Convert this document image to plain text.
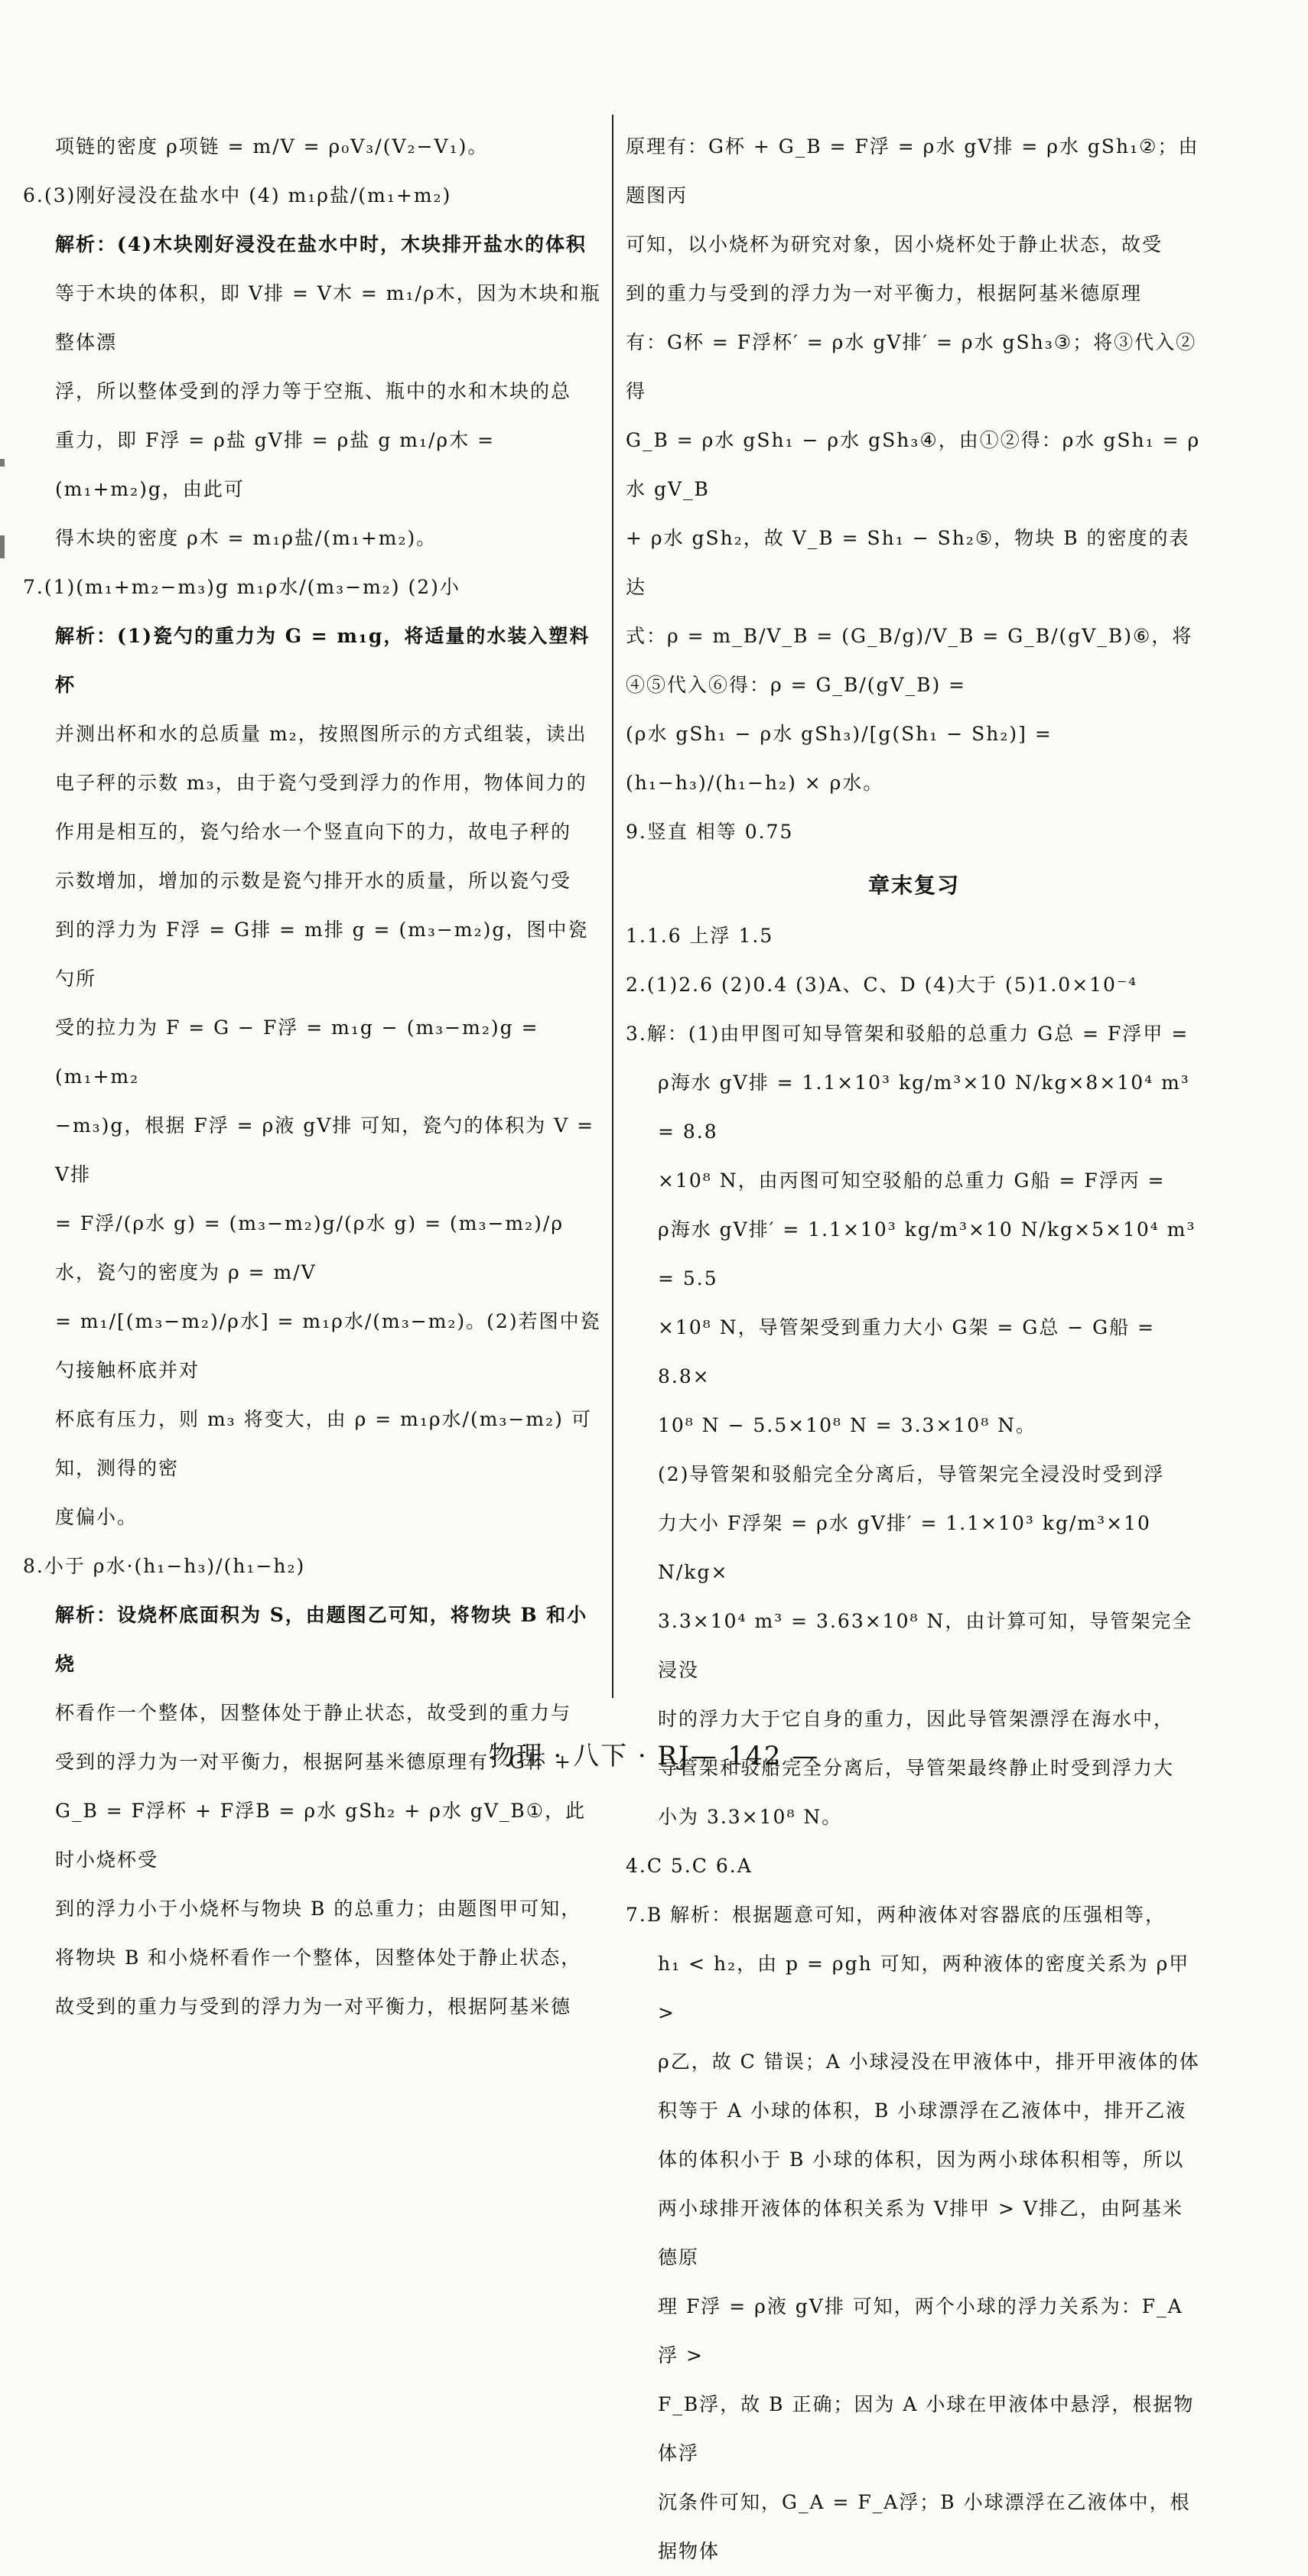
项链的密度 ρ项链 = m/V = ρ₀V₃/(V₂−V₁)。

6.(3)刚好浸没在盐水中 (4) m₁ρ盐/(m₁+m₂)

解析：(4)木块刚好浸没在盐水中时，木块排开盐水的体积

等于木块的体积，即 V排 = V木 = m₁/ρ木，因为木块和瓶整体漂

浮，所以整体受到的浮力等于空瓶、瓶中的水和木块的总

重力，即 F浮 = ρ盐 gV排 = ρ盐 g m₁/ρ木 = (m₁+m₂)g，由此可

得木块的密度 ρ木 = m₁ρ盐/(m₁+m₂)。

7.(1)(m₁+m₂−m₃)g m₁ρ水/(m₃−m₂) (2)小

解析：(1)瓷勺的重力为 G = m₁g，将适量的水装入塑料杯

并测出杯和水的总质量 m₂，按照图所示的方式组装，读出

电子秤的示数 m₃，由于瓷勺受到浮力的作用，物体间力的

作用是相互的，瓷勺给水一个竖直向下的力，故电子秤的

示数增加，增加的示数是瓷勺排开水的质量，所以瓷勺受

到的浮力为 F浮 = G排 = m排 g = (m₃−m₂)g，图中瓷勺所

受的拉力为 F = G − F浮 = m₁g − (m₃−m₂)g = (m₁+m₂

−m₃)g，根据 F浮 = ρ液 gV排 可知，瓷勺的体积为 V = V排

= F浮/(ρ水 g) = (m₃−m₂)g/(ρ水 g) = (m₃−m₂)/ρ水，瓷勺的密度为 ρ = m/V

= m₁/[(m₃−m₂)/ρ水] = m₁ρ水/(m₃−m₂)。(2)若图中瓷勺接触杯底并对

杯底有压力，则 m₃ 将变大，由 ρ = m₁ρ水/(m₃−m₂) 可知，测得的密

度偏小。

8.小于 ρ水·(h₁−h₃)/(h₁−h₂)

解析：设烧杯底面积为 S，由题图乙可知，将物块 B 和小烧

杯看作一个整体，因整体处于静止状态，故受到的重力与

受到的浮力为一对平衡力，根据阿基米德原理有：G杯 +

G_B = F浮杯 + F浮B = ρ水 gSh₂ + ρ水 gV_B①，此时小烧杯受

到的浮力小于小烧杯与物块 B 的总重力；由题图甲可知，

将物块 B 和小烧杯看作一个整体，因整体处于静止状态，

故受到的重力与受到的浮力为一对平衡力，根据阿基米德

原理有：G杯 + G_B = F浮 = ρ水 gV排 = ρ水 gSh₁②；由题图丙

可知，以小烧杯为研究对象，因小烧杯处于静止状态，故受

到的重力与受到的浮力为一对平衡力，根据阿基米德原理

有：G杯 = F浮杯′ = ρ水 gV排′ = ρ水 gSh₃③；将③代入②得

G_B = ρ水 gSh₁ − ρ水 gSh₃④，由①②得：ρ水 gSh₁ = ρ水 gV_B

+ ρ水 gSh₂，故 V_B = Sh₁ − Sh₂⑤，物块 B 的密度的表达

式：ρ = m_B/V_B = (G_B/g)/V_B = G_B/(gV_B)⑥，将④⑤代入⑥得：ρ = G_B/(gV_B) =

(ρ水 gSh₁ − ρ水 gSh₃)/[g(Sh₁ − Sh₂)] = (h₁−h₃)/(h₁−h₂) × ρ水。

9.竖直 相等 0.75

章末复习

1.1.6 上浮 1.5

2.(1)2.6 (2)0.4 (3)A、C、D (4)大于 (5)1.0×10⁻⁴

3.解：(1)由甲图可知导管架和驳船的总重力 G总 = F浮甲 =

ρ海水 gV排 = 1.1×10³ kg/m³×10 N/kg×8×10⁴ m³ = 8.8

×10⁸ N，由丙图可知空驳船的总重力 G船 = F浮丙 =

ρ海水 gV排′ = 1.1×10³ kg/m³×10 N/kg×5×10⁴ m³ = 5.5

×10⁸ N，导管架受到重力大小 G架 = G总 − G船 = 8.8×

10⁸ N − 5.5×10⁸ N = 3.3×10⁸ N。

(2)导管架和驳船完全分离后，导管架完全浸没时受到浮

力大小 F浮架 = ρ水 gV排′ = 1.1×10³ kg/m³×10 N/kg×

3.3×10⁴ m³ = 3.63×10⁸ N，由计算可知，导管架完全浸没

时的浮力大于它自身的重力，因此导管架漂浮在海水中，

导管架和驳船完全分离后，导管架最终静止时受到浮力大

小为 3.3×10⁸ N。

4.C 5.C 6.A

7.B 解析：根据题意可知，两种液体对容器底的压强相等，

h₁ < h₂，由 p = ρgh 可知，两种液体的密度关系为 ρ甲 >

ρ乙，故 C 错误；A 小球浸没在甲液体中，排开甲液体的体

积等于 A 小球的体积，B 小球漂浮在乙液体中，排开乙液

体的体积小于 B 小球的体积，因为两小球体积相等，所以

两小球排开液体的体积关系为 V排甲 > V排乙，由阿基米德原

理 F浮 = ρ液 gV排 可知，两个小球的浮力关系为：F_A浮 >

F_B浮，故 B 正确；因为 A 小球在甲液体中悬浮，根据物体浮

沉条件可知，G_A = F_A浮；B 小球漂浮在乙液体中，根据物体

物理 · 八下 · RJ— 142 —
